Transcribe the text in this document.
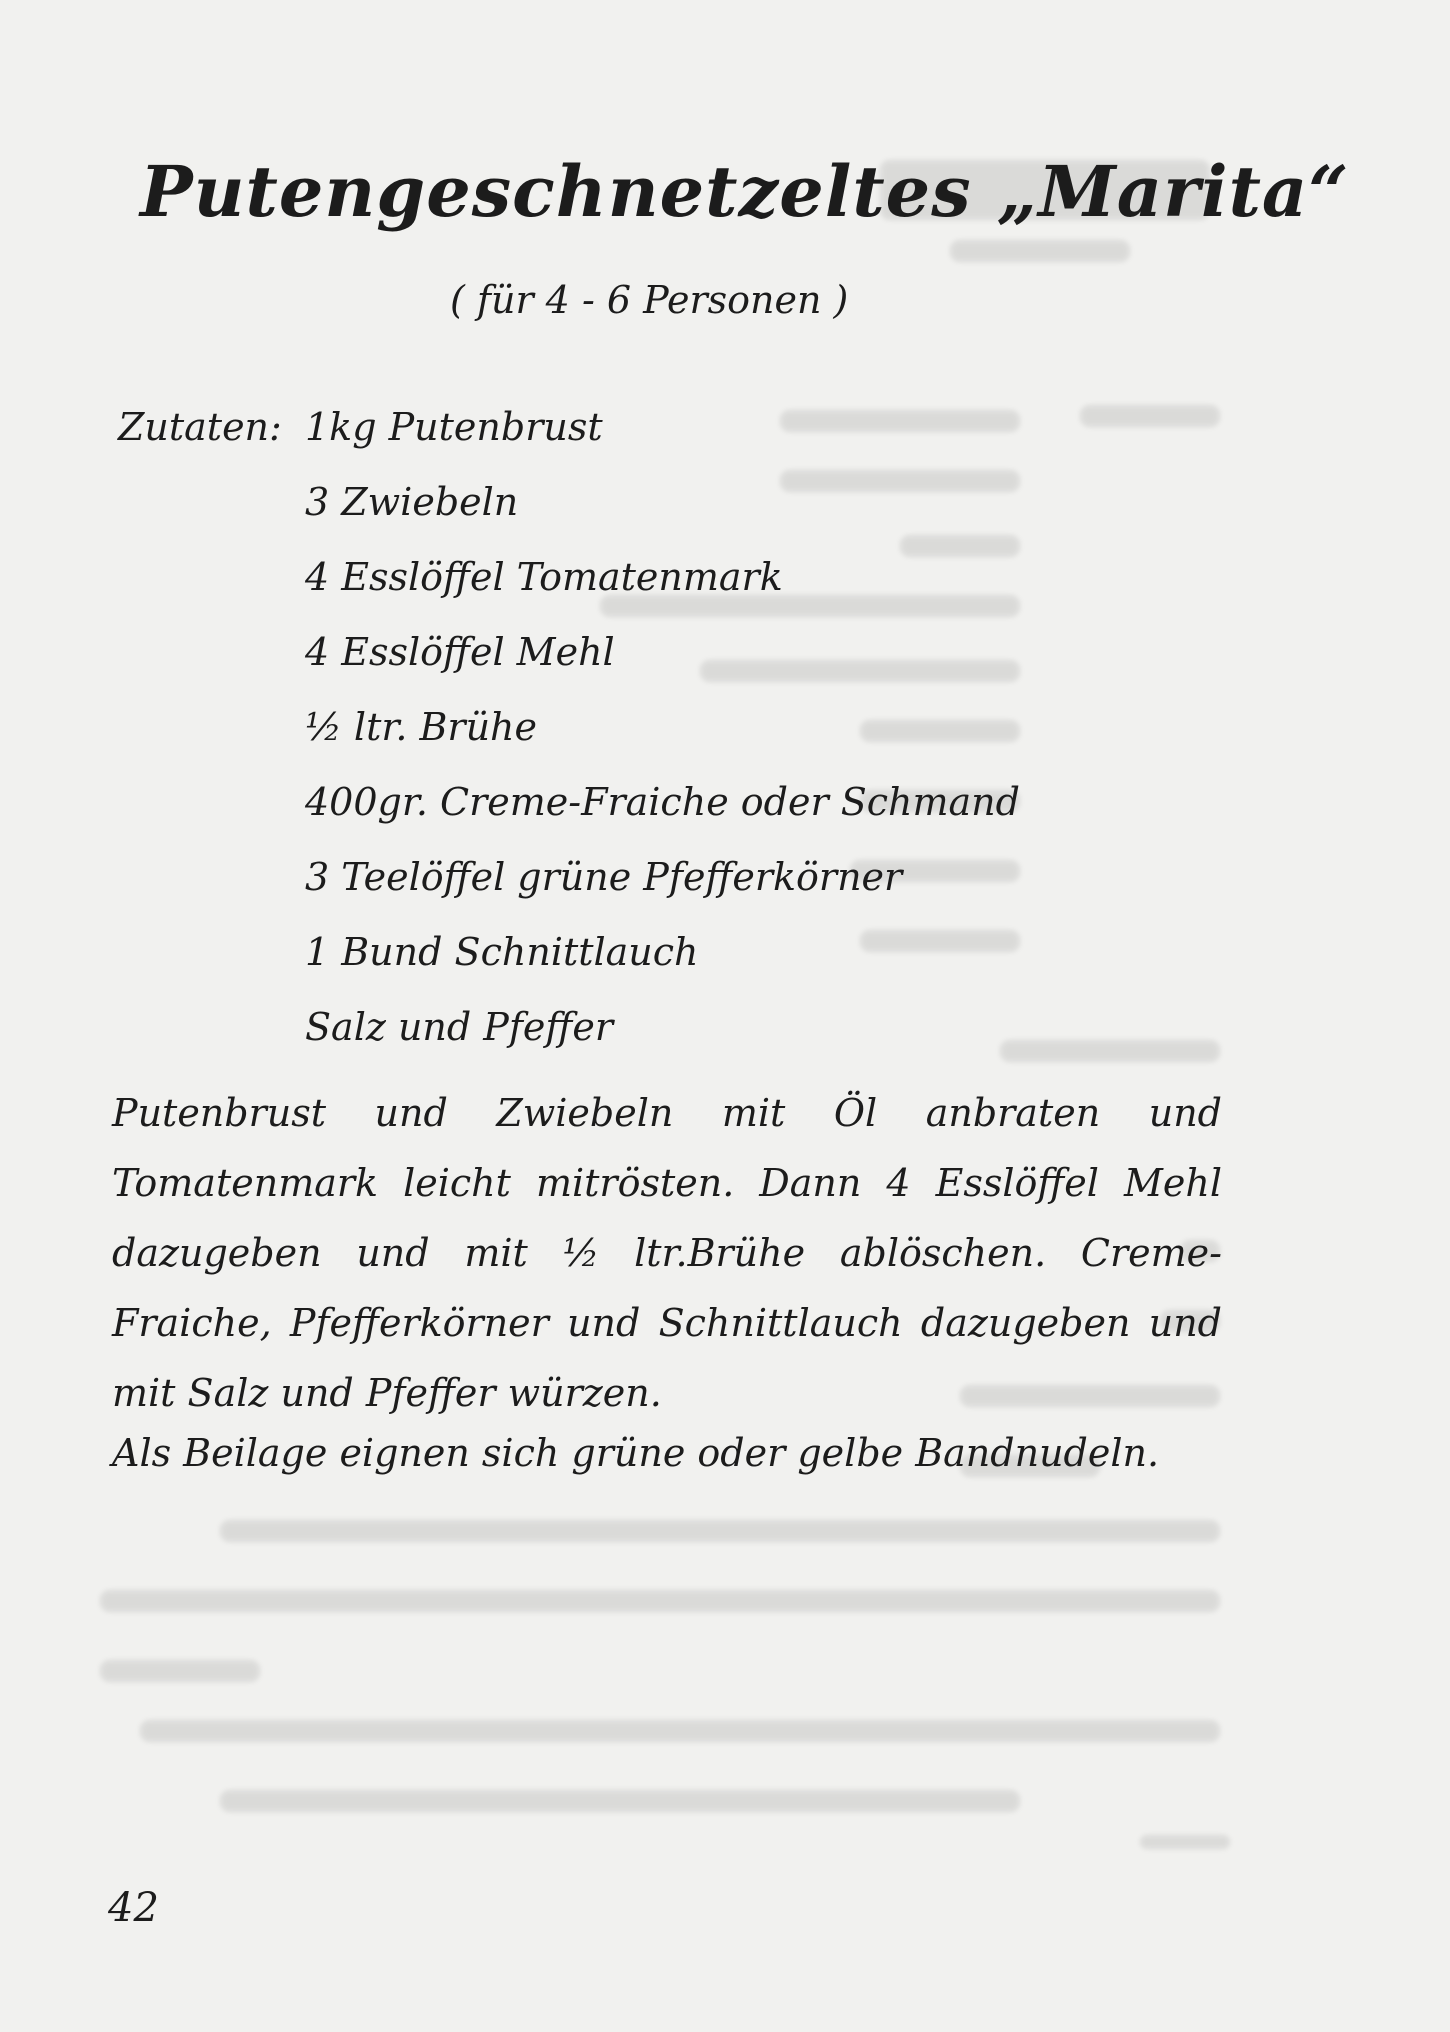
Putengeschnetzeltes „Marita“
( für 4 - 6 Personen )
Zutaten: 1kg Putenbrust
3 Zwiebeln
4 Esslöffel Tomatenmark
4 Esslöffel Mehl
½ ltr. Brühe
400gr. Creme-Fraiche oder Schmand
3 Teelöffel grüne Pfefferkörner
1 Bund Schnittlauch
Salz und Pfeffer

Putenbrust und Zwiebeln mit Öl anbraten und Tomatenmark leicht mitrösten. Dann 4 Esslöffel Mehl dazugeben und mit ½ ltr.Brühe ablöschen. Creme-Fraiche, Pfefferkörner und Schnittlauch dazugeben und mit Salz und Pfeffer würzen.

Als Beilage eignen sich grüne oder gelbe Bandnudeln.

42
